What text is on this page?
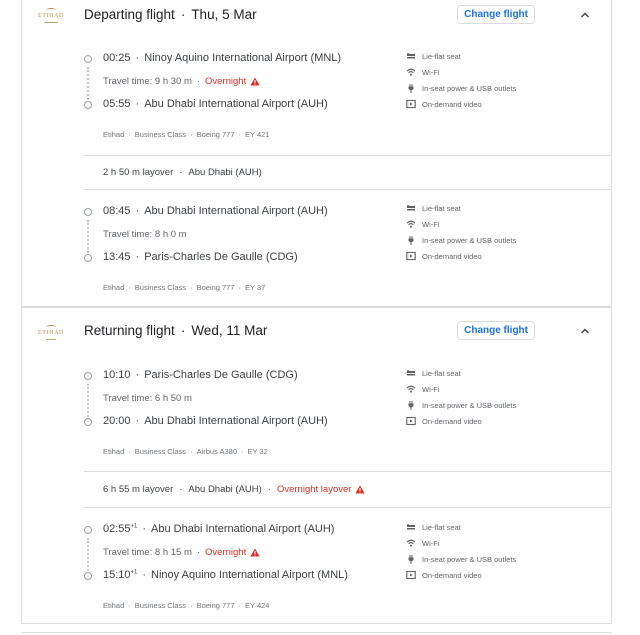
ETIHAD Departing flight · Thu, 5 Mar	Change flight
00:25 · Ninoy Aquino International Airport (MNL)
Travel time: 9 h 30 m · Overnight
05:55 · Abu Dhabi International Airport (AUH)
Etihad · Business Class · Boeing 777 · EY 421
Lie-flat seat
Wi-Fi
In-seat power & USB outlets
On-demand video
2 h 50 m layover · Abu Dhabi (AUH)
08:45 · Abu Dhabi International Airport (AUH)
Travel time: 8 h 0 m
13:45 · Paris-Charles De Gaulle (CDG)
Etihad · Business Class · Boeing 777 · EY 37
Lie-flat seat
Wi-Fi
In-seat power & USB outlets
On-demand video
ETIHAD Returning flight · Wed, 11 Mar	Change flight
10:10 · Paris-Charles De Gaulle (CDG)
Travel time: 6 h 50 m
20:00 · Abu Dhabi International Airport (AUH)
Etihad · Business Class · Airbus A380 · EY 32
Lie-flat seat
Wi-Fi
In-seat power & USB outlets
On-demand video
6 h 55 m layover · Abu Dhabi (AUH) · Overnight layover
$02:55^{+1}$ · Abu Dhabi International Airport (AUH)
Travel time: 8 h 15 m · Overnight
$15:10^{+1}$ · Ninoy Aquino International Airport (MNL)
Etihad · Business Class · Boeing 777 · EY 424
Lie-flat seat
Wi-Fi
In-seat power & USB outlets
On-demand video
